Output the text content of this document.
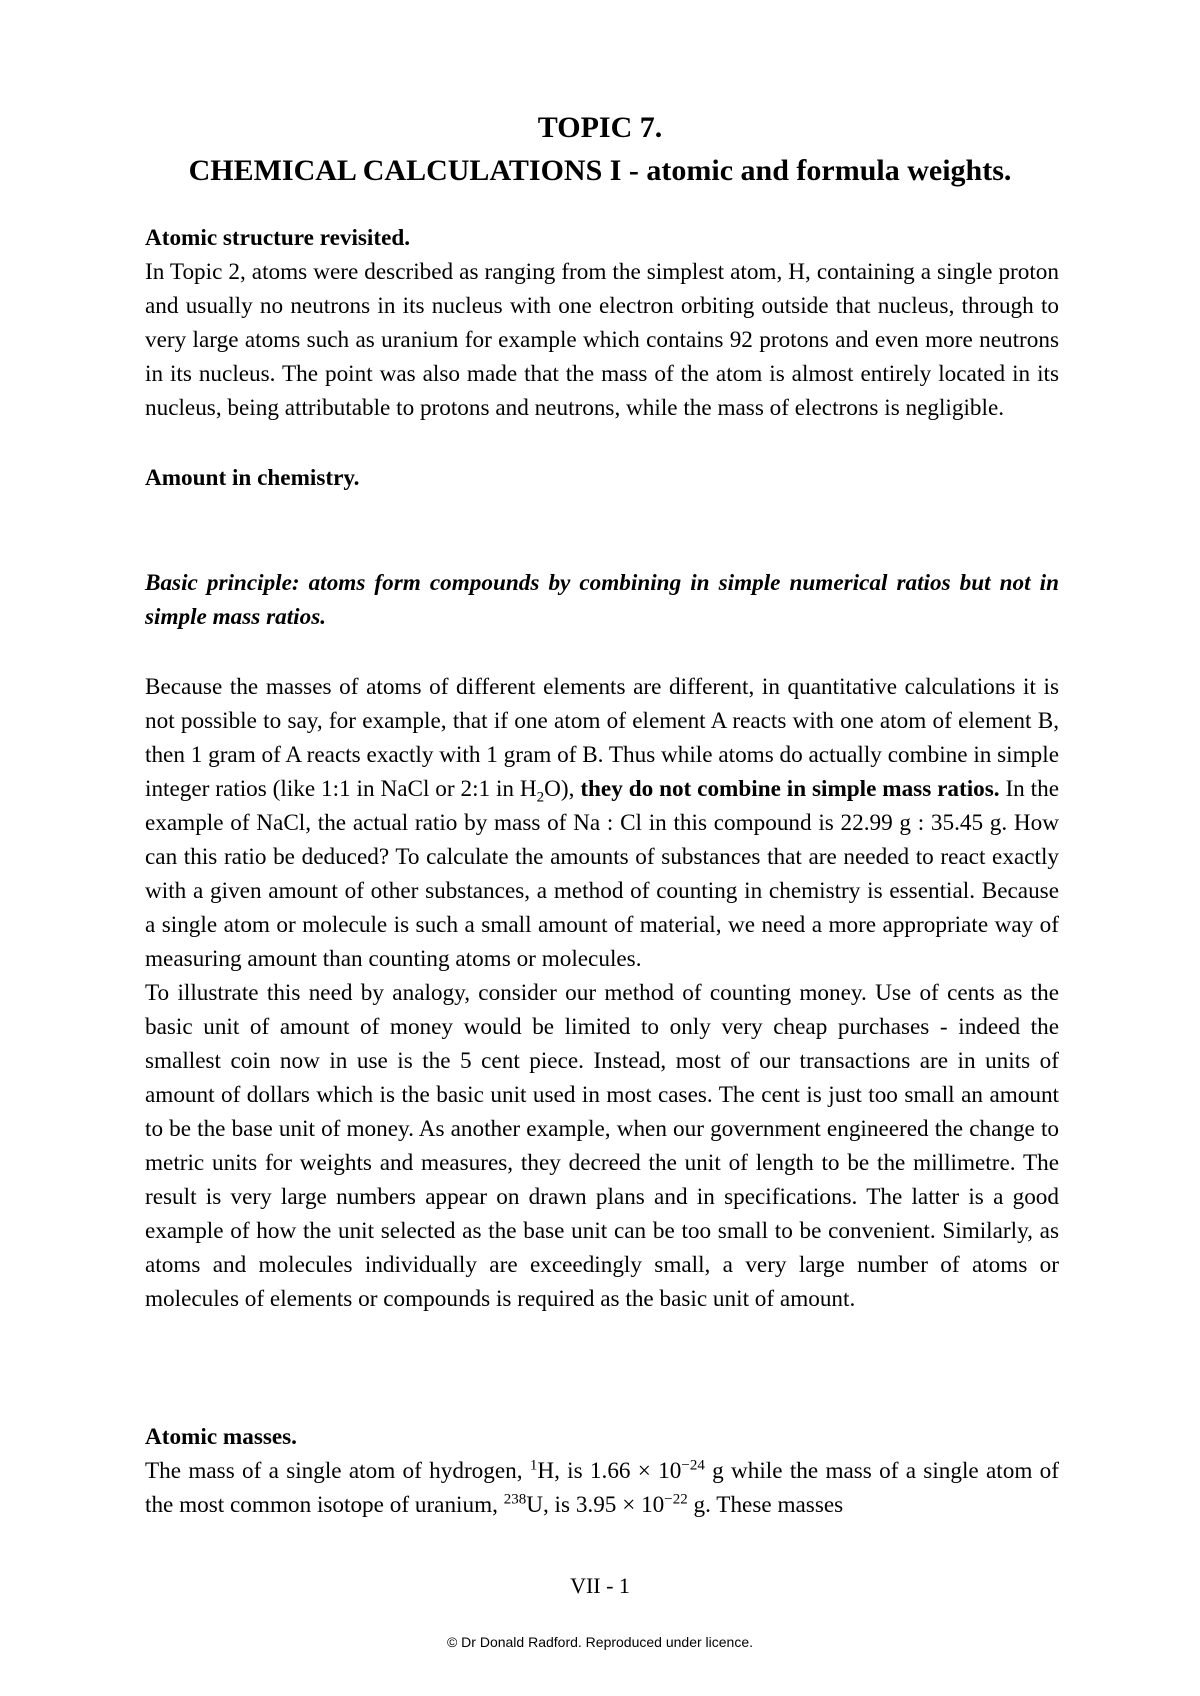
TOPIC 7.
CHEMICAL CALCULATIONS I - atomic and formula weights.

Atomic structure revisited.

In Topic 2, atoms were described as ranging from the simplest atom, H, containing a single proton and usually no neutrons in its nucleus with one electron orbiting outside that nucleus, through to very large atoms such as uranium for example which contains 92 protons and even more neutrons in its nucleus. The point was also made that the mass of the atom is almost entirely located in its nucleus, being attributable to protons and neutrons, while the mass of electrons is negligible.

Amount in chemistry.

Basic principle: atoms form compounds by combining in simple numerical ratios but not in simple mass ratios.

Because the masses of atoms of different elements are different, in quantitative calculations it is not possible to say, for example, that if one atom of element A reacts with one atom of element B, then 1 gram of A reacts exactly with 1 gram of B. Thus while atoms do actually combine in simple integer ratios (like 1:1 in NaCl or 2:1 in $H_2O$), they do not combine in simple mass ratios. In the example of NaCl, the actual ratio by mass of Na : Cl in this compound is 22.99 g : 35.45 g. How can this ratio be deduced? To calculate the amounts of substances that are needed to react exactly with a given amount of other substances, a method of counting in chemistry is essential. Because a single atom or molecule is such a small amount of material, we need a more appropriate way of measuring amount than counting atoms or molecules.

To illustrate this need by analogy, consider our method of counting money. Use of cents as the basic unit of amount of money would be limited to only very cheap purchases - indeed the smallest coin now in use is the 5 cent piece. Instead, most of our transactions are in units of amount of dollars which is the basic unit used in most cases. The cent is just too small an amount to be the base unit of money. As another example, when our government engineered the change to metric units for weights and measures, they decreed the unit of length to be the millimetre. The result is very large numbers appear on drawn plans and in specifications. The latter is a good example of how the unit selected as the base unit can be too small to be convenient. Similarly, as atoms and molecules individually are exceedingly small, a very large number of atoms or molecules of elements or compounds is required as the basic unit of amount.

Atomic masses.

The mass of a single atom of hydrogen, $^1$H, is $1.66 \times 10^{-24}$ g while the mass of a single atom of the most common isotope of uranium, $^{238}$U, is $3.95 \times 10^{-22}$ g. These masses

VII - 1
© Dr Donald Radford. Reproduced under licence.
